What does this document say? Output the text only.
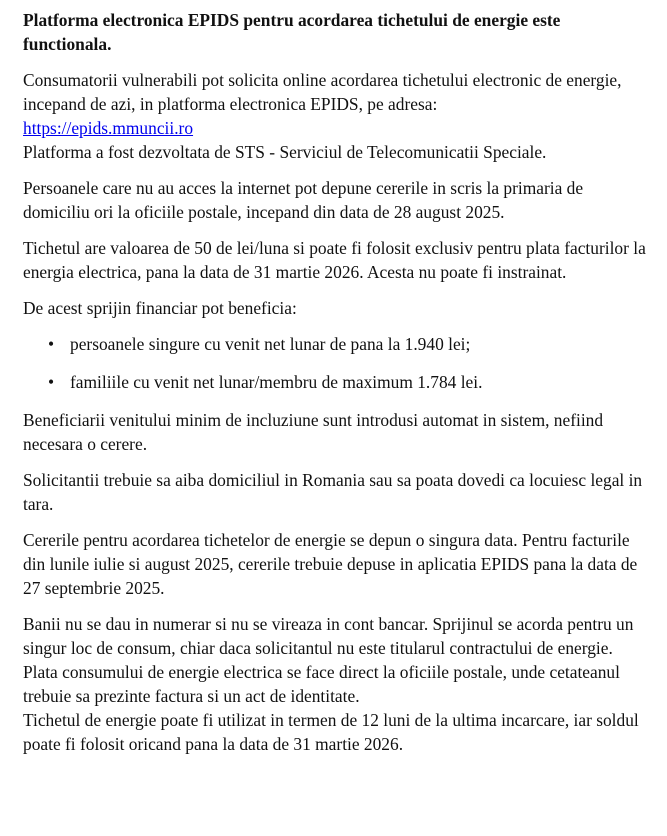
Platforma electronica EPIDS pentru acordarea tichetului de energie este functionala.

Consumatorii vulnerabili pot solicita online acordarea tichetului electronic de energie, incepand de azi, in platforma electronica EPIDS, pe adresa:
https://epids.mmuncii.ro
Platforma a fost dezvoltata de STS - Serviciul de Telecomunicatii Speciale.

Persoanele care nu au acces la internet pot depune cererile in scris la primaria de domiciliu ori la oficiile postale, incepand din data de 28 august 2025.

Tichetul are valoarea de 50 de lei/luna si poate fi folosit exclusiv pentru plata facturilor la energia electrica, pana la data de 31 martie 2026. Acesta nu poate fi instrainat.

De acest sprijin financiar pot beneficia:

• persoanele singure cu venit net lunar de pana la 1.940 lei;
• familiile cu venit net lunar/membru de maximum 1.784 lei.

Beneficiarii venitului minim de incluziune sunt introdusi automat in sistem, nefiind necesara o cerere.

Solicitantii trebuie sa aiba domiciliul in Romania sau sa poata dovedi ca locuiesc legal in tara.

Cererile pentru acordarea tichetelor de energie se depun o singura data. Pentru facturile din lunile iulie si august 2025, cererile trebuie depuse in aplicatia EPIDS pana la data de 27 septembrie 2025.

Banii nu se dau in numerar si nu se vireaza in cont bancar. Sprijinul se acorda pentru un singur loc de consum, chiar daca solicitantul nu este titularul contractului de energie.
Plata consumului de energie electrica se face direct la oficiile postale, unde cetateanul trebuie sa prezinte factura si un act de identitate.
Tichetul de energie poate fi utilizat in termen de 12 luni de la ultima incarcare, iar soldul poate fi folosit oricand pana la data de 31 martie 2026.
